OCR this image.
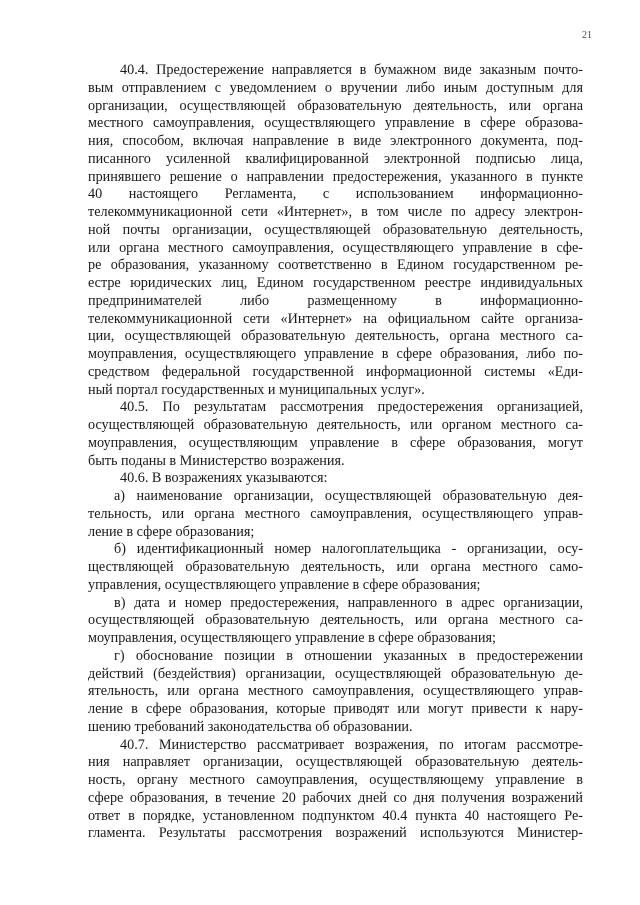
21
40.4. Предостережение направляется в бумажном виде заказным почто-
вым отправлением с уведомлением о вручении либо иным доступным для
организации, осуществляющей образовательную деятельность, или органа
местного самоуправления, осуществляющего управление в сфере образова-
ния, способом, включая направление в виде электронного документа, под-
писанного усиленной квалифицированной электронной подписью лица,
принявшего решение о направлении предостережения, указанного в пункте
40 настоящего Регламента, с использованием информационно-
телекоммуникационной сети «Интернет», в том числе по адресу электрон-
ной почты организации, осуществляющей образовательную деятельность,
или органа местного самоуправления, осуществляющего управление в сфе-
ре образования, указанному соответственно в Едином государственном ре-
естре юридических лиц, Едином государственном реестре индивидуальных
предпринимателей либо размещенному в информационно-
телекоммуникационной сети «Интернет» на официальном сайте организа-
ции, осуществляющей образовательную деятельность, органа местного са-
моуправления, осуществляющего управление в сфере образования, либо по-
средством федеральной государственной информационной системы «Еди-
ный портал государственных и муниципальных услуг».
40.5. По результатам рассмотрения предостережения организацией,
осуществляющей образовательную деятельность, или органом местного са-
моуправления, осуществляющим управление в сфере образования, могут
быть поданы в Министерство возражения.
40.6. В возражениях указываются:
а) наименование организации, осуществляющей образовательную дея-
тельность, или органа местного самоуправления, осуществляющего управ-
ление в сфере образования;
б) идентификационный номер налогоплательщика - организации, осу-
ществляющей образовательную деятельность, или органа местного само-
управления, осуществляющего управление в сфере образования;
в) дата и номер предостережения, направленного в адрес организации,
осуществляющей образовательную деятельность, или органа местного са-
моуправления, осуществляющего управление в сфере образования;
г) обоснование позиции в отношении указанных в предостережении
действий (бездействия) организации, осуществляющей образовательную де-
ятельность, или органа местного самоуправления, осуществляющего управ-
ление в сфере образования, которые приводят или могут привести к нару-
шению требований законодательства об образовании.
40.7. Министерство рассматривает возражения, по итогам рассмотре-
ния направляет организации, осуществляющей образовательную деятель-
ность, органу местного самоуправления, осуществляющему управление в
сфере образования, в течение 20 рабочих дней со дня получения возражений
ответ в порядке, установленном подпунктом 40.4 пункта 40 настоящего Ре-
гламента. Результаты рассмотрения возражений используются Министер-
